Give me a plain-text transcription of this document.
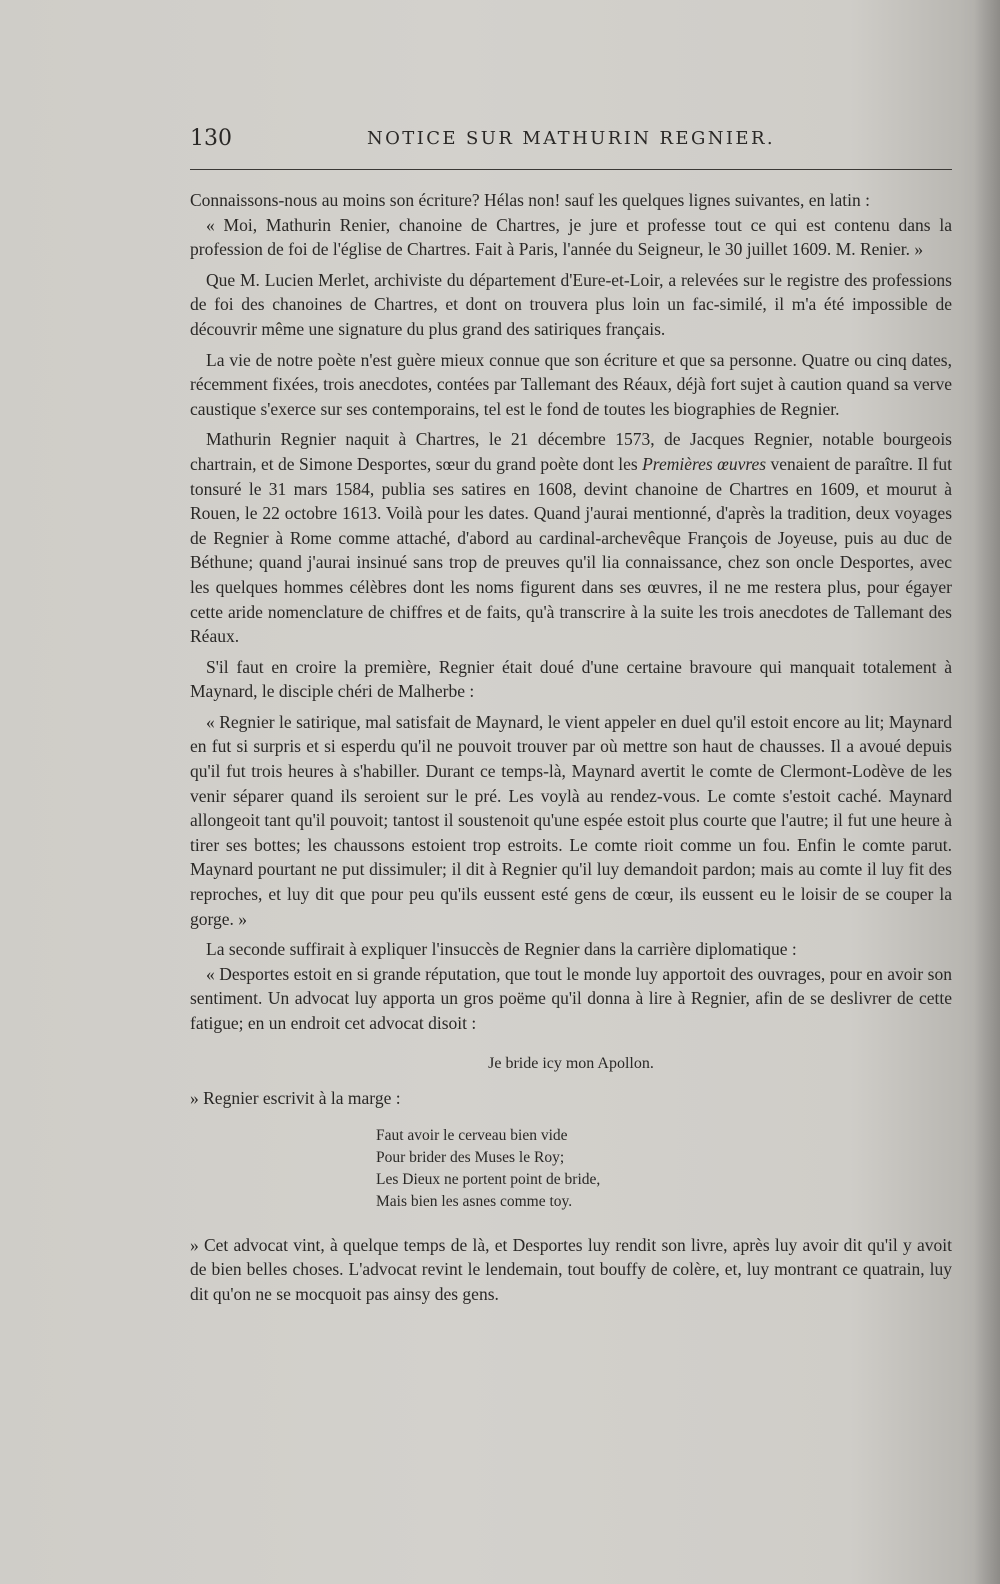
130	NOTICE SUR MATHURIN REGNIER.

Connaissons-nous au moins son écriture? Hélas non! sauf les quelques lignes suivantes, en latin :

« Moi, Mathurin Renier, chanoine de Chartres, je jure et professe tout ce qui est contenu dans la profession de foi de l'église de Chartres. Fait à Paris, l'année du Seigneur, le 30 juillet 1609. M. Renier. »

Que M. Lucien Merlet, archiviste du département d'Eure-et-Loir, a relevées sur le registre des professions de foi des chanoines de Chartres, et dont on trouvera plus loin un fac-similé, il m'a été impossible de découvrir même une signature du plus grand des satiriques français.

La vie de notre poète n'est guère mieux connue que son écriture et que sa personne. Quatre ou cinq dates, récemment fixées, trois anecdotes, contées par Tallemant des Réaux, déjà fort sujet à caution quand sa verve caustique s'exerce sur ses contemporains, tel est le fond de toutes les biographies de Regnier.

Mathurin Regnier naquit à Chartres, le 21 décembre 1573, de Jacques Regnier, notable bourgeois chartrain, et de Simone Desportes, sœur du grand poète dont les Premières œuvres venaient de paraître. Il fut tonsuré le 31 mars 1584, publia ses satires en 1608, devint chanoine de Chartres en 1609, et mourut à Rouen, le 22 octobre 1613. Voilà pour les dates. Quand j'aurai mentionné, d'après la tradition, deux voyages de Regnier à Rome comme attaché, d'abord au cardinal-archevêque François de Joyeuse, puis au duc de Béthune; quand j'aurai insinué sans trop de preuves qu'il lia connaissance, chez son oncle Desportes, avec les quelques hommes célèbres dont les noms figurent dans ses œuvres, il ne me restera plus, pour égayer cette aride nomenclature de chiffres et de faits, qu'à transcrire à la suite les trois anecdotes de Tallemant des Réaux.

S'il faut en croire la première, Regnier était doué d'une certaine bravoure qui manquait totalement à Maynard, le disciple chéri de Malherbe :

« Regnier le satirique, mal satisfait de Maynard, le vient appeler en duel qu'il estoit encore au lit; Maynard en fut si surpris et si esperdu qu'il ne pouvoit trouver par où mettre son haut de chausses. Il a avoué depuis qu'il fut trois heures à s'habiller. Durant ce temps-là, Maynard avertit le comte de Clermont-Lodève de les venir séparer quand ils seroient sur le pré. Les voylà au rendez-vous. Le comte s'estoit caché. Maynard allongeoit tant qu'il pouvoit; tantost il soustenoit qu'une espée estoit plus courte que l'autre; il fut une heure à tirer ses bottes; les chaussons estoient trop estroits. Le comte rioit comme un fou. Enfin le comte parut. Maynard pourtant ne put dissimuler; il dit à Regnier qu'il luy demandoit pardon; mais au comte il luy fit des reproches, et luy dit que pour peu qu'ils eussent esté gens de cœur, ils eussent eu le loisir de se couper la gorge. »

La seconde suffirait à expliquer l'insuccès de Regnier dans la carrière diplomatique :

« Desportes estoit en si grande réputation, que tout le monde luy apportoit des ouvrages, pour en avoir son sentiment. Un advocat luy apporta un gros poëme qu'il donna à lire à Regnier, afin de se deslivrer de cette fatigue; en un endroit cet advocat disoit :

Je bride icy mon Apollon.

» Regnier escrivit à la marge :

Faut avoir le cerveau bien vide
Pour brider des Muses le Roy;
Les Dieux ne portent point de bride,
Mais bien les asnes comme toy.

» Cet advocat vint, à quelque temps de là, et Desportes luy rendit son livre, après luy avoir dit qu'il y avoit de bien belles choses. L'advocat revint le lendemain, tout bouffy de colère, et, luy montrant ce quatrain, luy dit qu'on ne se mocquoit pas ainsy des gens.
